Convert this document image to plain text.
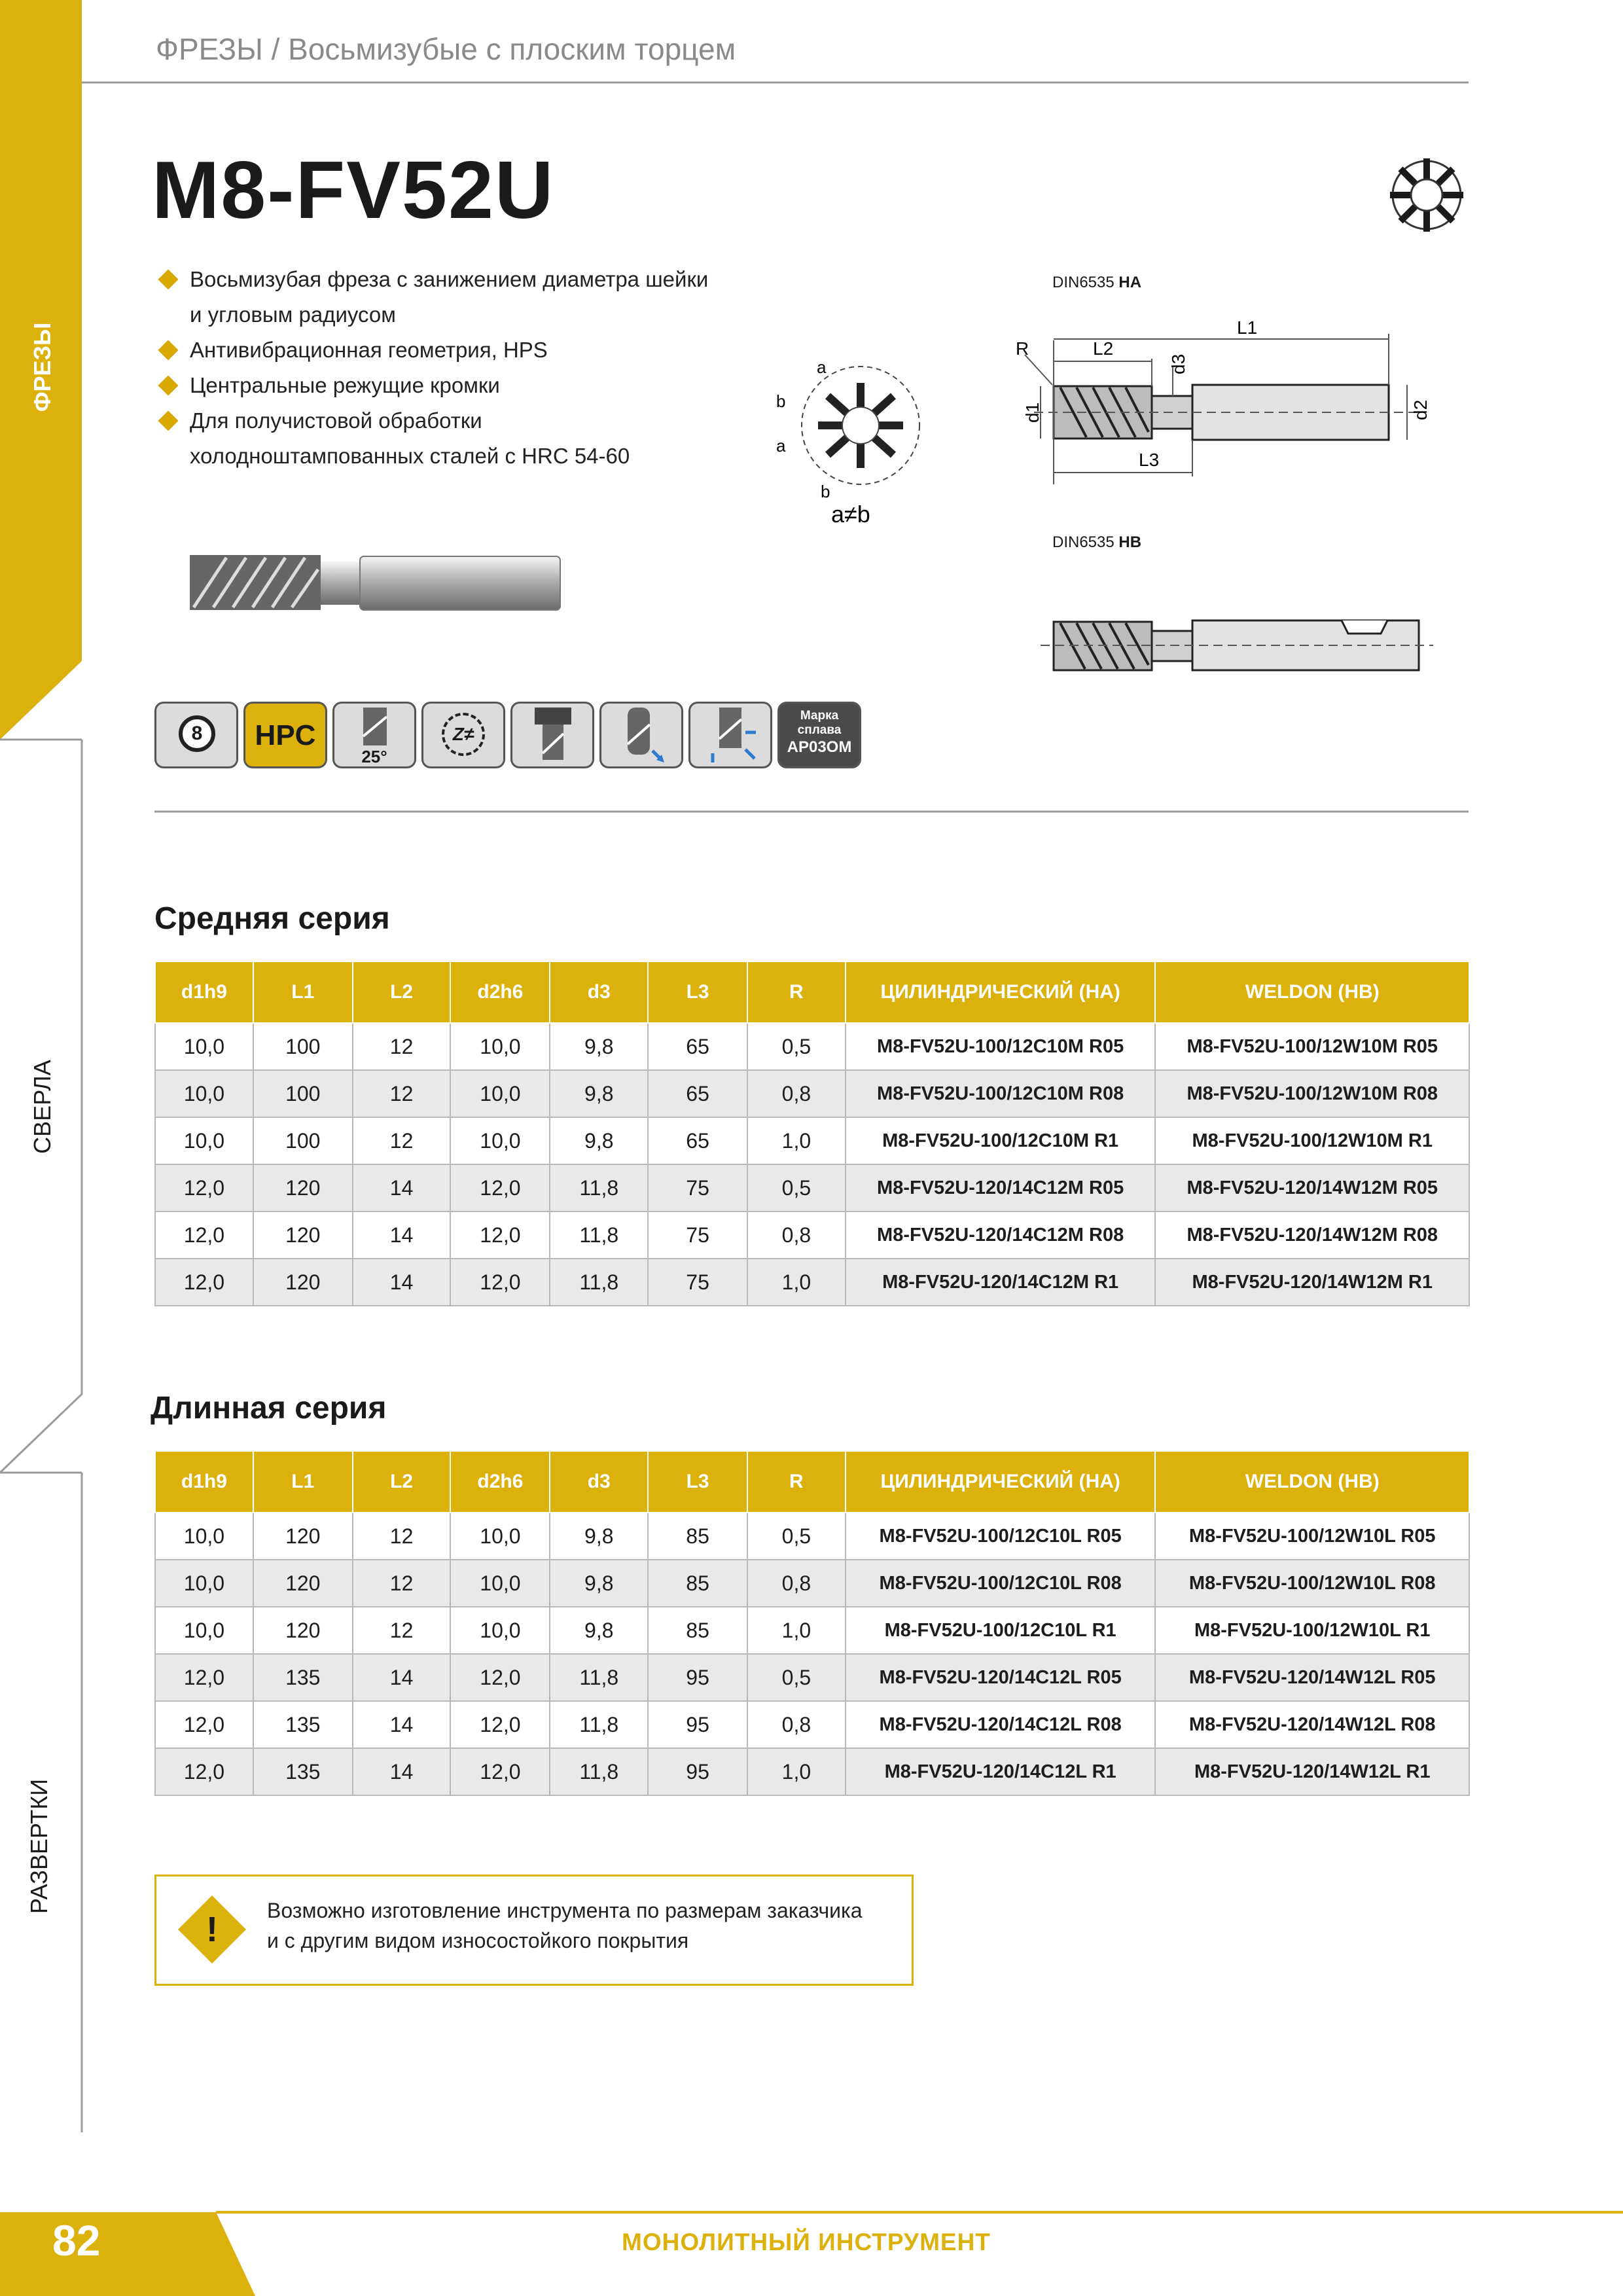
ФРЕЗЫ
СВЕРЛА
РАЗВЕРТКИ
ФРЕЗЫ / Восьмизубые с плоским торцем
M8-FV52U
Восьмизубая фреза с занижением диаметра шейки
и угловым радиусом
Антивибрационная геометрия, HPS
Центральные режущие кромки
Для получистовой обработки
холодноштампованных сталей с HRC 54-60
a
b
a
b
a≠b
DIN6535 HA
L1
L2
L3
R
d1
d3
d2
DIN6535 HB
8	HPC
25°
Z≠
Марка
сплава
AP03OM
Средняя серия
d1h9	L1	L2	d2h6	d3	L3	R	ЦИЛИНДРИЧЕСКИЙ (HA)	WELDON (HB)
10,0	100	12	10,0	9,8	65	0,5	M8-FV52U-100/12C10M R05	M8-FV52U-100/12W10M R05
10,0	100	12	10,0	9,8	65	0,8	M8-FV52U-100/12C10M R08	M8-FV52U-100/12W10M R08
10,0	100	12	10,0	9,8	65	1,0	M8-FV52U-100/12C10M R1	M8-FV52U-100/12W10M R1
12,0	120	14	12,0	11,8	75	0,5	M8-FV52U-120/14C12M R05	M8-FV52U-120/14W12M R05
12,0	120	14	12,0	11,8	75	0,8	M8-FV52U-120/14C12M R08	M8-FV52U-120/14W12M R08
12,0	120	14	12,0	11,8	75	1,0	M8-FV52U-120/14C12M R1	M8-FV52U-120/14W12M R1
Длинная серия
d1h9	L1	L2	d2h6	d3	L3	R	ЦИЛИНДРИЧЕСКИЙ (HA)	WELDON (HB)
10,0	120	12	10,0	9,8	85	0,5	M8-FV52U-100/12C10L R05	M8-FV52U-100/12W10L R05
10,0	120	12	10,0	9,8	85	0,8	M8-FV52U-100/12C10L R08	M8-FV52U-100/12W10L R08
10,0	120	12	10,0	9,8	85	1,0	M8-FV52U-100/12C10L R1	M8-FV52U-100/12W10L R1
12,0	135	14	12,0	11,8	95	0,5	M8-FV52U-120/14C12L R05	M8-FV52U-120/14W12L R05
12,0	135	14	12,0	11,8	95	0,8	M8-FV52U-120/14C12L R08	M8-FV52U-120/14W12L R08
12,0	135	14	12,0	11,8	95	1,0	M8-FV52U-120/14C12L R1	M8-FV52U-120/14W12L R1
! Возможно изготовление инструмента по размерам заказчика
и с другим видом износостойкого покрытия
82	МОНОЛИТНЫЙ ИНСТРУМЕНТ
